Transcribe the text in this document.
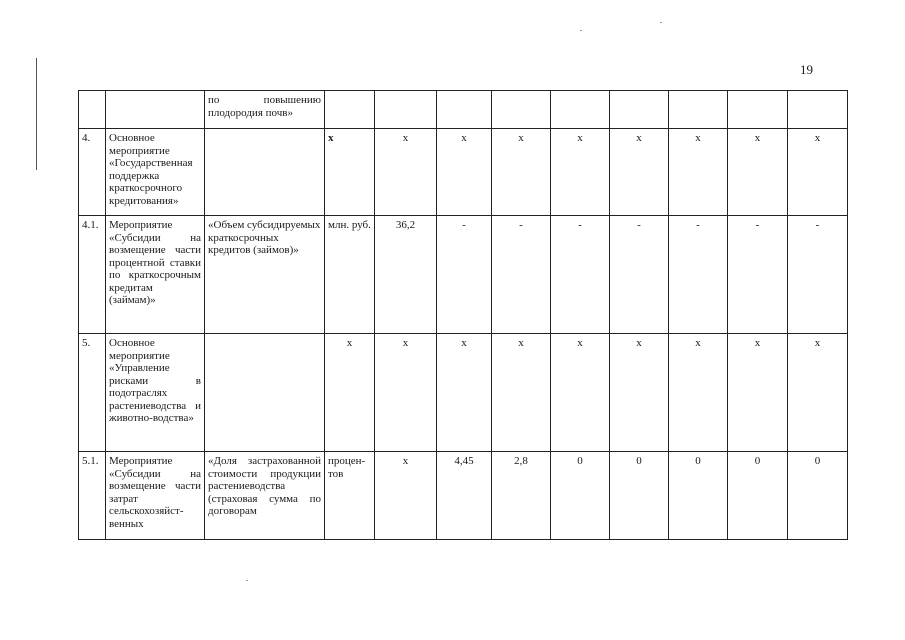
19
		по повышению плодородия почв»									
4.	Основное мероприятие «Государственная поддержка краткосрочного кредитования»		x	x	x	x	x	x	x	x	x
4.1.	Мероприятие «Субсидии на возмещение части процентной ставки по краткосрочным кредитам (займам)»	«Объем субсидируемых краткосрочных кредитов (займов)»	млн. руб.	36,2	-	-	-	-	-	-	-
5.	Основное мероприятие «Управление рисками в подотраслях растениеводства и животно-водства»		x	x	x	x	x	x	x	x	x
5.1.	Мероприятие «Субсидии на возмещение части затрат сельскохозяйст-венных	«Доля застрахованной стоимости продукции растениеводства (страховая сумма по договорам	процен-тов	x	4,45	2,8	0	0	0	0	0
